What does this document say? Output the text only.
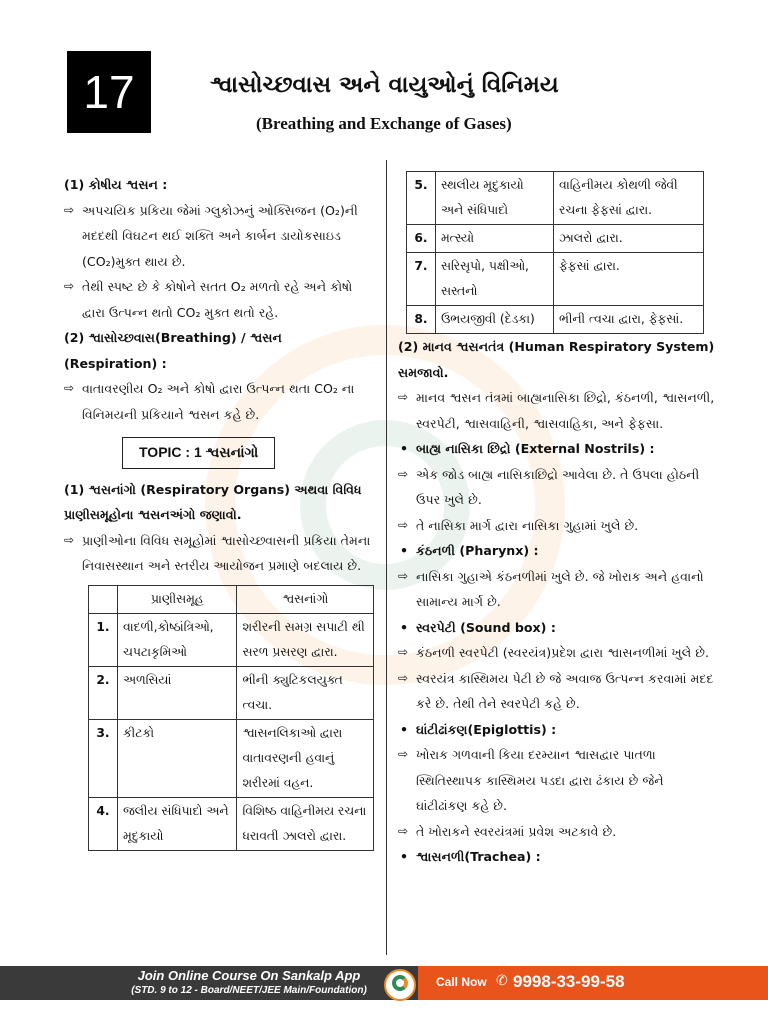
17	શ્વાસોચ્છવાસ અને વાયુઓનું વિનિમય
(Breathing and Exchange of Gases)
(1) કોષીય શ્વસન :
⇨ અપચયિક પ્રકિયા જેમાં ગ્લુકોઝનું ઓક્સિજન (O₂)ની મદદથી વિઘટન થઈ શક્તિ અને કાર્બન ડાયોકસાઇડ (CO₂)મુક્ત થાય છે.
⇨ તેથી સ્પષ્ટ છે કે કોષોને સતત O₂ મળતો રહે અને કોષો દ્વારા ઉત્પન્ન થતો CO₂ મુક્ત થતો રહે.
(2) શ્વાસોચ્છવાસ(Breathing) / શ્વસન (Respiration) :
⇨ વાતાવરણીય O₂ અને કોષો દ્વારા ઉત્પન્ન થતા CO₂ ના વિનિમયની પ્રકિયાને શ્વસન કહે છે.
TOPIC : 1 શ્વસનાંગો
(1) શ્વસનાંગો (Respiratory Organs) અથવા વિવિધ પ્રાણીસમૂહોના શ્વસનઅંગો જણાવો.
⇨ પ્રાણીઓના વિવિધ સમૂહોમાં શ્વાસોચ્છ્વાસની પ્રકિયા તેમના નિવાસસ્થાન અને સ્તરીય આયોજન પ્રમાણે બદલાય છે.
	પ્રાણીસમૂહ	શ્વસનાંગો
1.	વાદળી,કોષ્ઠાંત્રિઓ, ચપટાકૃમિઓ	શરીરની સમગ્ર સપાટી થી સરળ પ્રસરણ દ્વારા.
2.	અળસિયાં	ભીની ક્યુટિકલયુક્ત ત્વચા.
3.	કીટકો	શ્વાસનલિકાઓ દ્વારા વાતાવરણની હવાનું શરીરમાં વહન.
4.	જલીય સંધિપાદો અને મૃદુકાયો	વિશિષ્ઠ વાહિનીમય રચના ધરાવતી ઝાલરો દ્વારા.
5.	સ્થલીય મૃદુકાયો અને સંધિપાદો	વાહિનીમય કોથળી જેવી રચના ફેફસાં દ્વારા.
6.	મત્સ્યો	ઝાલરો દ્વારા.
7.	સરિસૃપો, પક્ષીઓ, સસ્તનો	ફેફસાં દ્વારા.
8.	ઉભયજીવી (દેડકા)	ભીની ત્વચા દ્વારા, ફેફસાં.
(2) માનવ શ્વસનતંત્ર (Human Respiratory System) સમજાવો.
⇨ માનવ શ્વસન તંત્રમાં બાહ્યનાસિકા છિદ્રો, કંઠનળી, શ્વાસનળી, સ્વરપેટી, શ્વાસવાહિની, શ્વાસવાહિકા, અને ફેફસા.
• બાહ્ય નાસિકા છિદ્રો (External Nostrils) :
⇨ એક જોડ બાહ્ય નાસિકાછિદ્રો આવેલા છે. તે ઉપલા હોઠની ઉપર ખુલે છે.
⇨ તે નાસિકા માર્ગ દ્વારા નાસિકા ગુહામાં ખુલે છે.
• કંઠનળી (Pharynx) :
⇨ નાસિકા ગુહાએ કંઠનળીમાં ખુલે છે. જે ખોરાક અને હવાનો સામાન્ય માર્ગ છે.
• સ્વરપેટી (Sound box) :
⇨ કંઠનળી સ્વરપેટી (સ્વરયંત્ર)પ્રદેશ દ્વારા શ્વાસનળીમાં ખુલે છે.
⇨ સ્વરયંત્ર કાસ્થિમય પેટી છે જે અવાજ ઉત્પન્ન કરવામાં મદદ કરે છે. તેથી તેને સ્વરપેટી કહે છે.
• ઘાંટીઢાંકણ(Epiglottis) :
⇨ ખોરાક ગળવાની કિયા દરમ્યાન શ્વાસદ્વાર પાતળા સ્થિતિસ્થાપક કાસ્થિમય પડદા દ્વારા ઢંકાય છે જેને ઘાંટીઢાંકણ કહે છે.
⇨ તે ખોરાકને સ્વરયંત્રમાં પ્રવેશ અટકાવે છે.
• શ્વાસનળી(Trachea) :
Join Online Course On Sankalp App
(STD. 9 to 12 - Board/NEET/JEE Main/Foundation)
Call Now ✆ 9998-33-99-58
